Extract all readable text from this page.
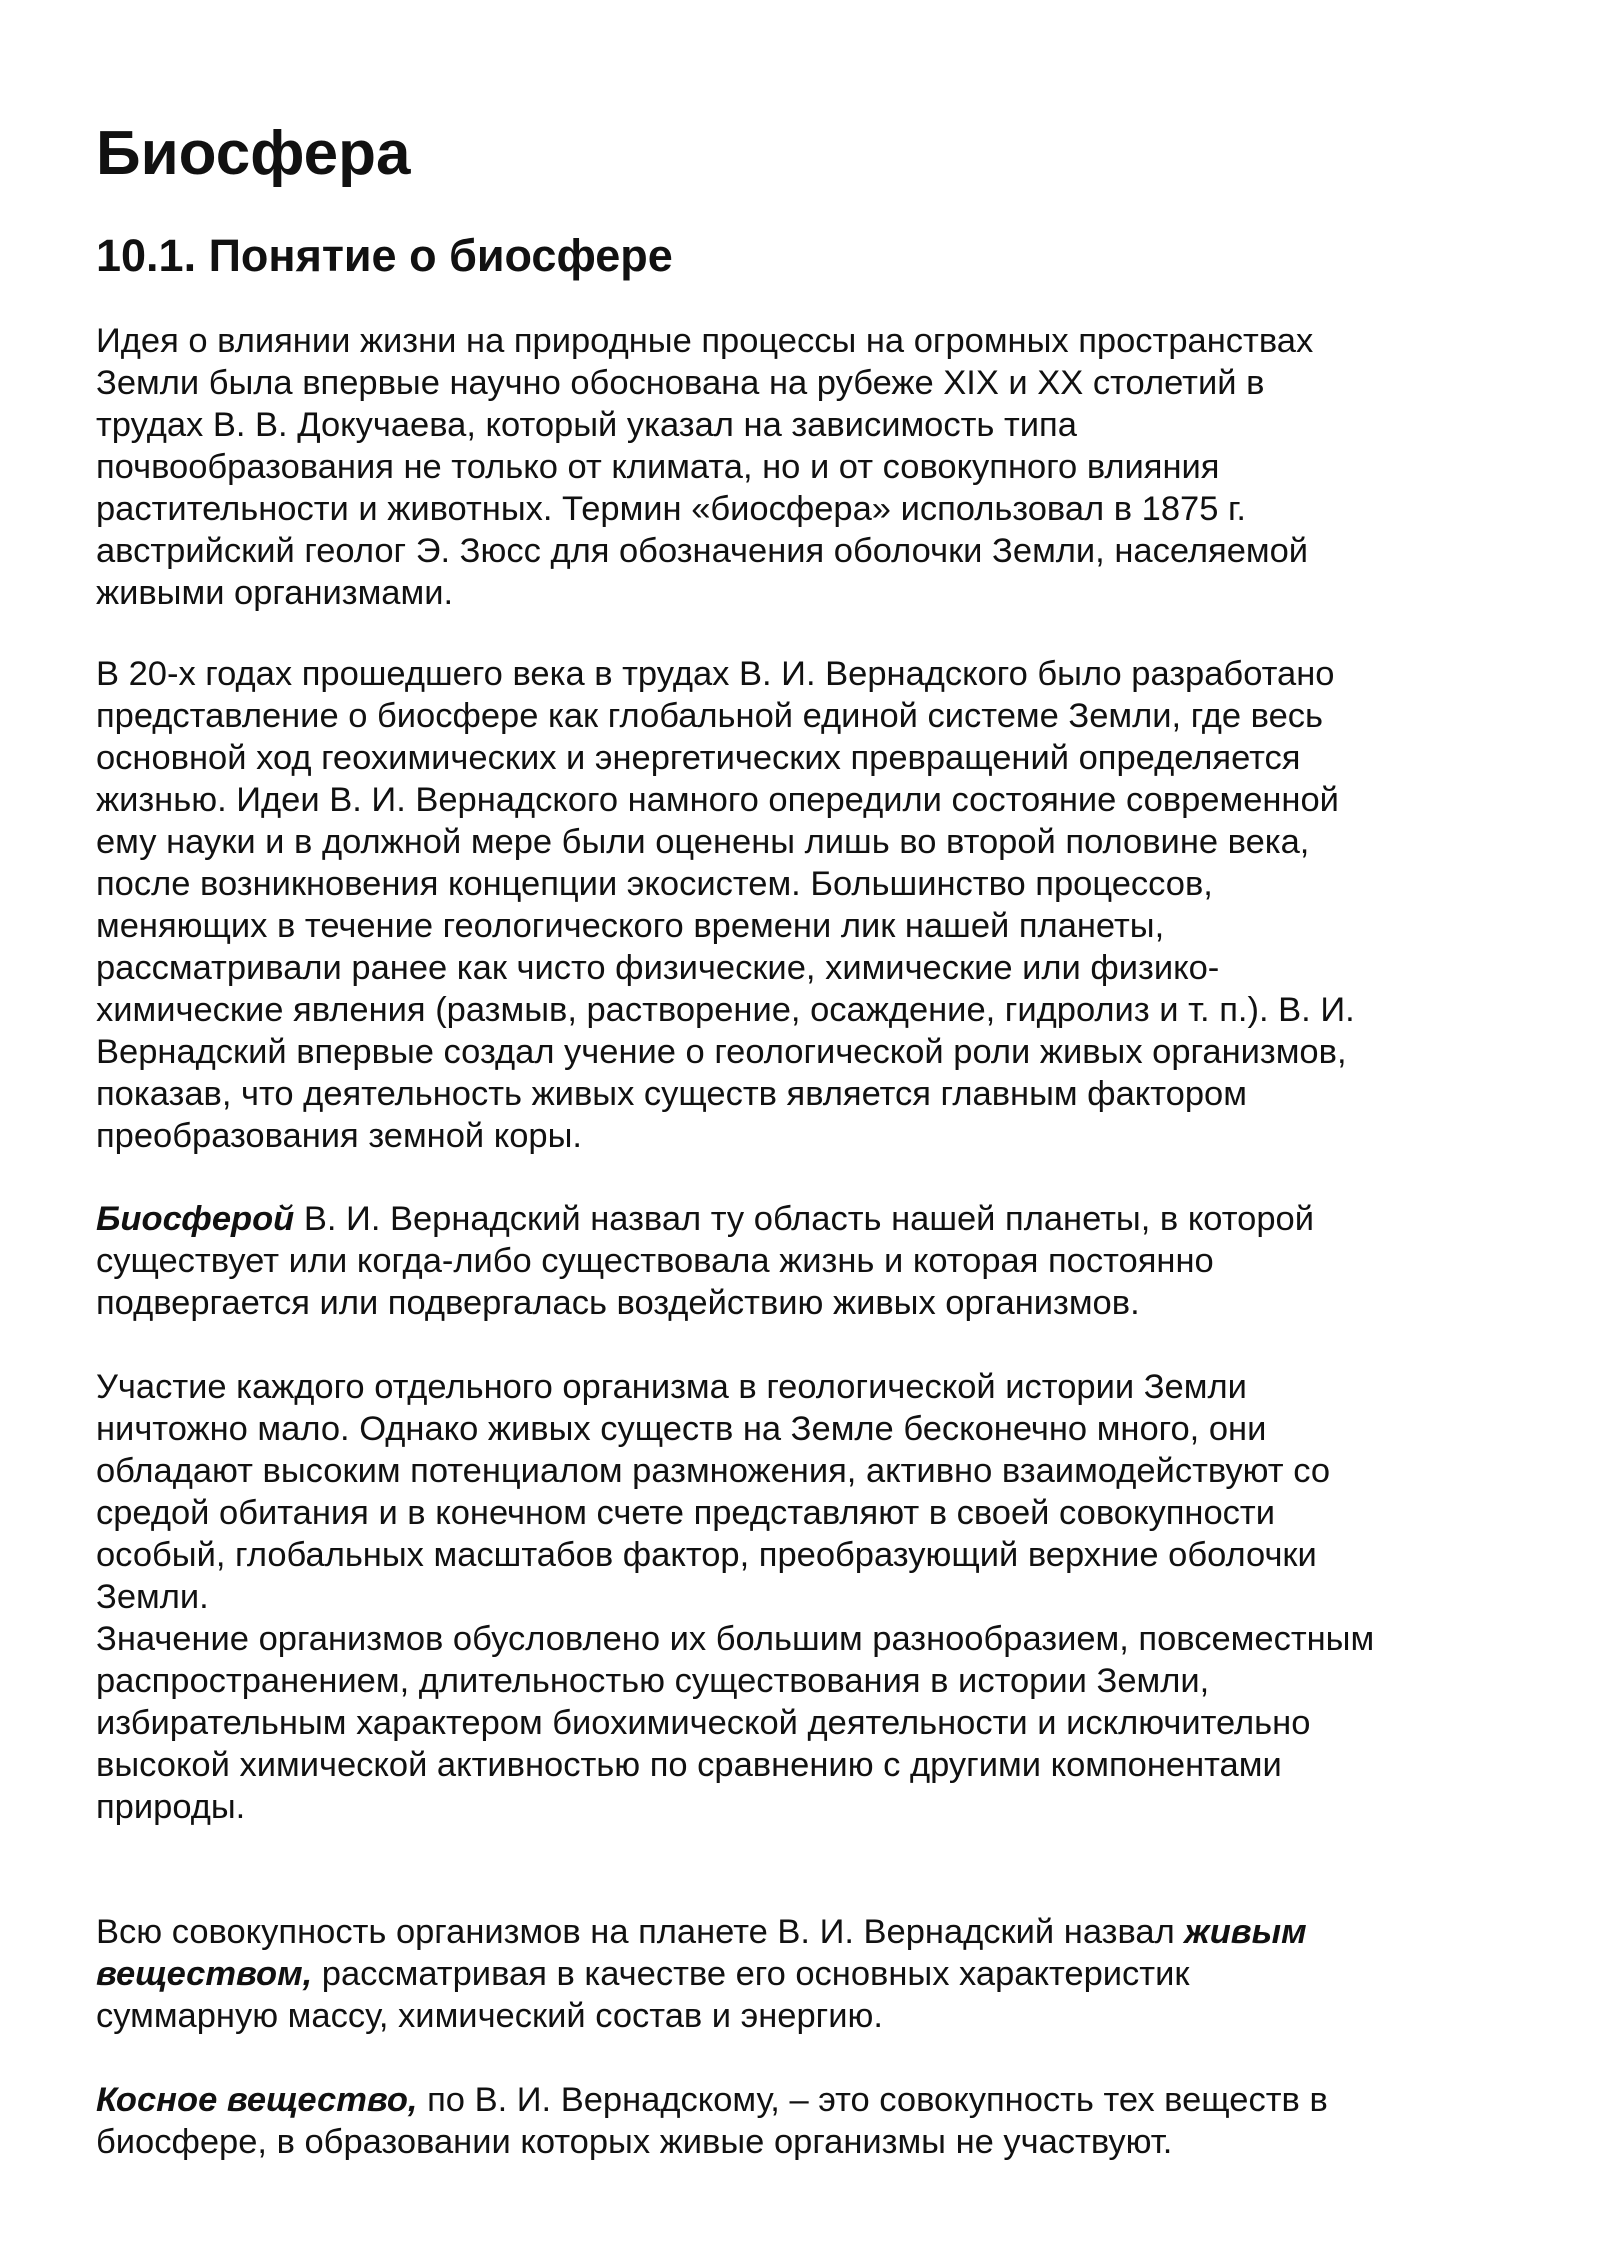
Биосфера
10.1. Понятие о биосфере

Идея о влиянии жизни на природные процессы на огромных пространствах
Земли была впервые научно обоснована на рубеже XIX и XX столетий в
трудах В. В. Докучаева, который указал на зависимость типа
почвообразования не только от климата, но и от совокупного влияния
растительности и животных. Термин «биосфера» использовал в 1875 г.
австрийский геолог Э. Зюсс для обозначения оболочки Земли, населяемой
живыми организмами.

В 20-х годах прошедшего века в трудах В. И. Вернадского было разработано
представление о биосфере как глобальной единой системе Земли, где весь
основной ход геохимических и энергетических превращений определяется
жизнью. Идеи В. И. Вернадского намного опередили состояние современной
ему науки и в должной мере были оценены лишь во второй половине века,
после возникновения концепции экосистем. Большинство процессов,
меняющих в течение геологического времени лик нашей планеты,
рассматривали ранее как чисто физические, химические или физико-
химические явления (размыв, растворение, осаждение, гидролиз и т. п.). В. И.
Вернадский впервые создал учение о геологической роли живых организмов,
показав, что деятельность живых существ является главным фактором
преобразования земной коры.

Биосферой В. И. Вернадский назвал ту область нашей планеты, в которой
существует или когда-либо существовала жизнь и которая постоянно
подвергается или подвергалась воздействию живых организмов.

Участие каждого отдельного организма в геологической истории Земли
ничтожно мало. Однако живых существ на Земле бесконечно много, они
обладают высоким потенциалом размножения, активно взаимодействуют со
средой обитания и в конечном счете представляют в своей совокупности
особый, глобальных масштабов фактор, преобразующий верхние оболочки
Земли.

Значение организмов обусловлено их большим разнообразием, повсеместным
распространением, длительностью существования в истории Земли,
избирательным характером биохимической деятельности и исключительно
высокой химической активностью по сравнению с другими компонентами
природы.

Всю совокупность организмов на планете В. И. Вернадский назвал живым
веществом, рассматривая в качестве его основных характеристик
суммарную массу, химический состав и энергию.

Косное вещество, по В. И. Вернадскому, – это совокупность тех веществ в
биосфере, в образовании которых живые организмы не участвуют.
